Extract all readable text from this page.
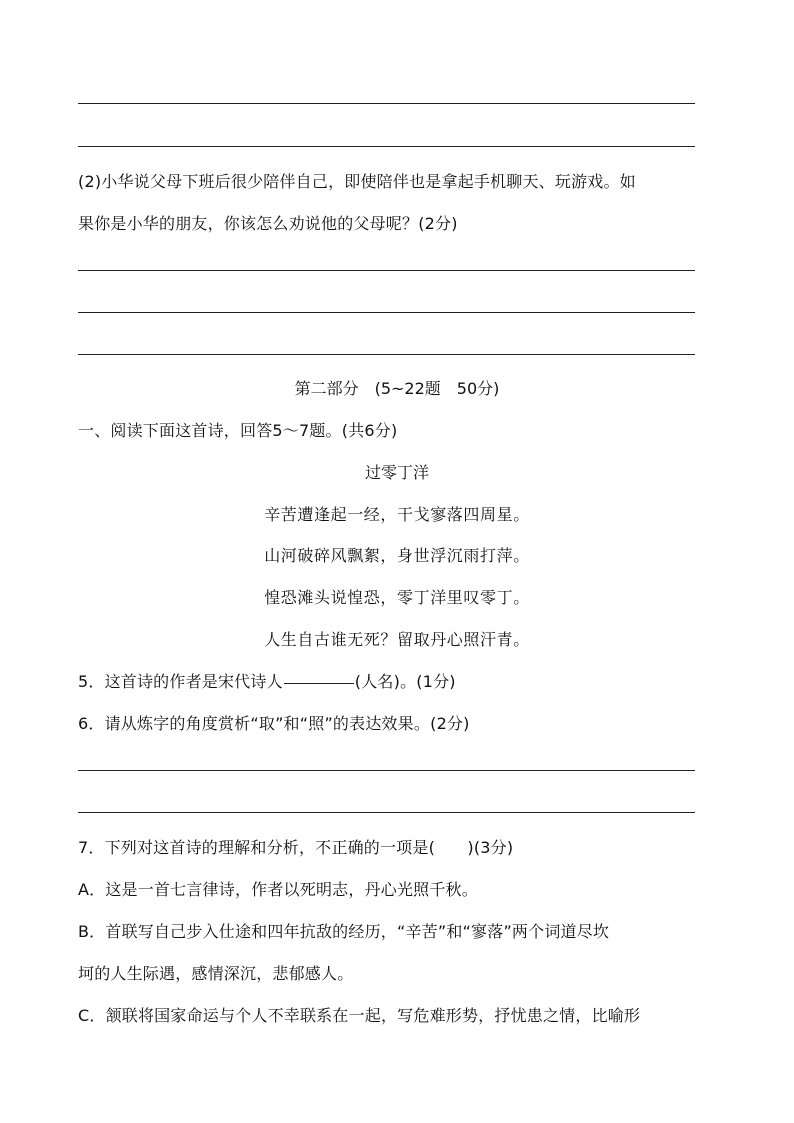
(2)小华说父母下班后很少陪伴自己，即使陪伴也是拿起手机聊天、玩游戏。如
果你是小华的朋友，你该怎么劝说他的父母呢？(2分)
第二部分　(5~22题　50分)
一、阅读下面这首诗，回答5～7题。(共6分)
过零丁洋
辛苦遭逢起一经，干戈寥落四周星。
山河破碎风飘絮，身世浮沉雨打萍。
惶恐滩头说惶恐，零丁洋里叹零丁。
人生自古谁无死？留取丹心照汗青。
5．这首诗的作者是宋代诗人	(人名)。(1分)
6．请从炼字的角度赏析“取”和“照”的表达效果。(2分)
7．下列对这首诗的理解和分析，不正确的一项是(　　)(3分)
A．这是一首七言律诗，作者以死明志，丹心光照千秋。
B．首联写自己步入仕途和四年抗敌的经历，“辛苦”和“寥落”两个词道尽坎
坷的人生际遇，感情深沉，悲郁感人。
C．颔联将国家命运与个人不幸联系在一起，写危难形势，抒忧患之情，比喻形
